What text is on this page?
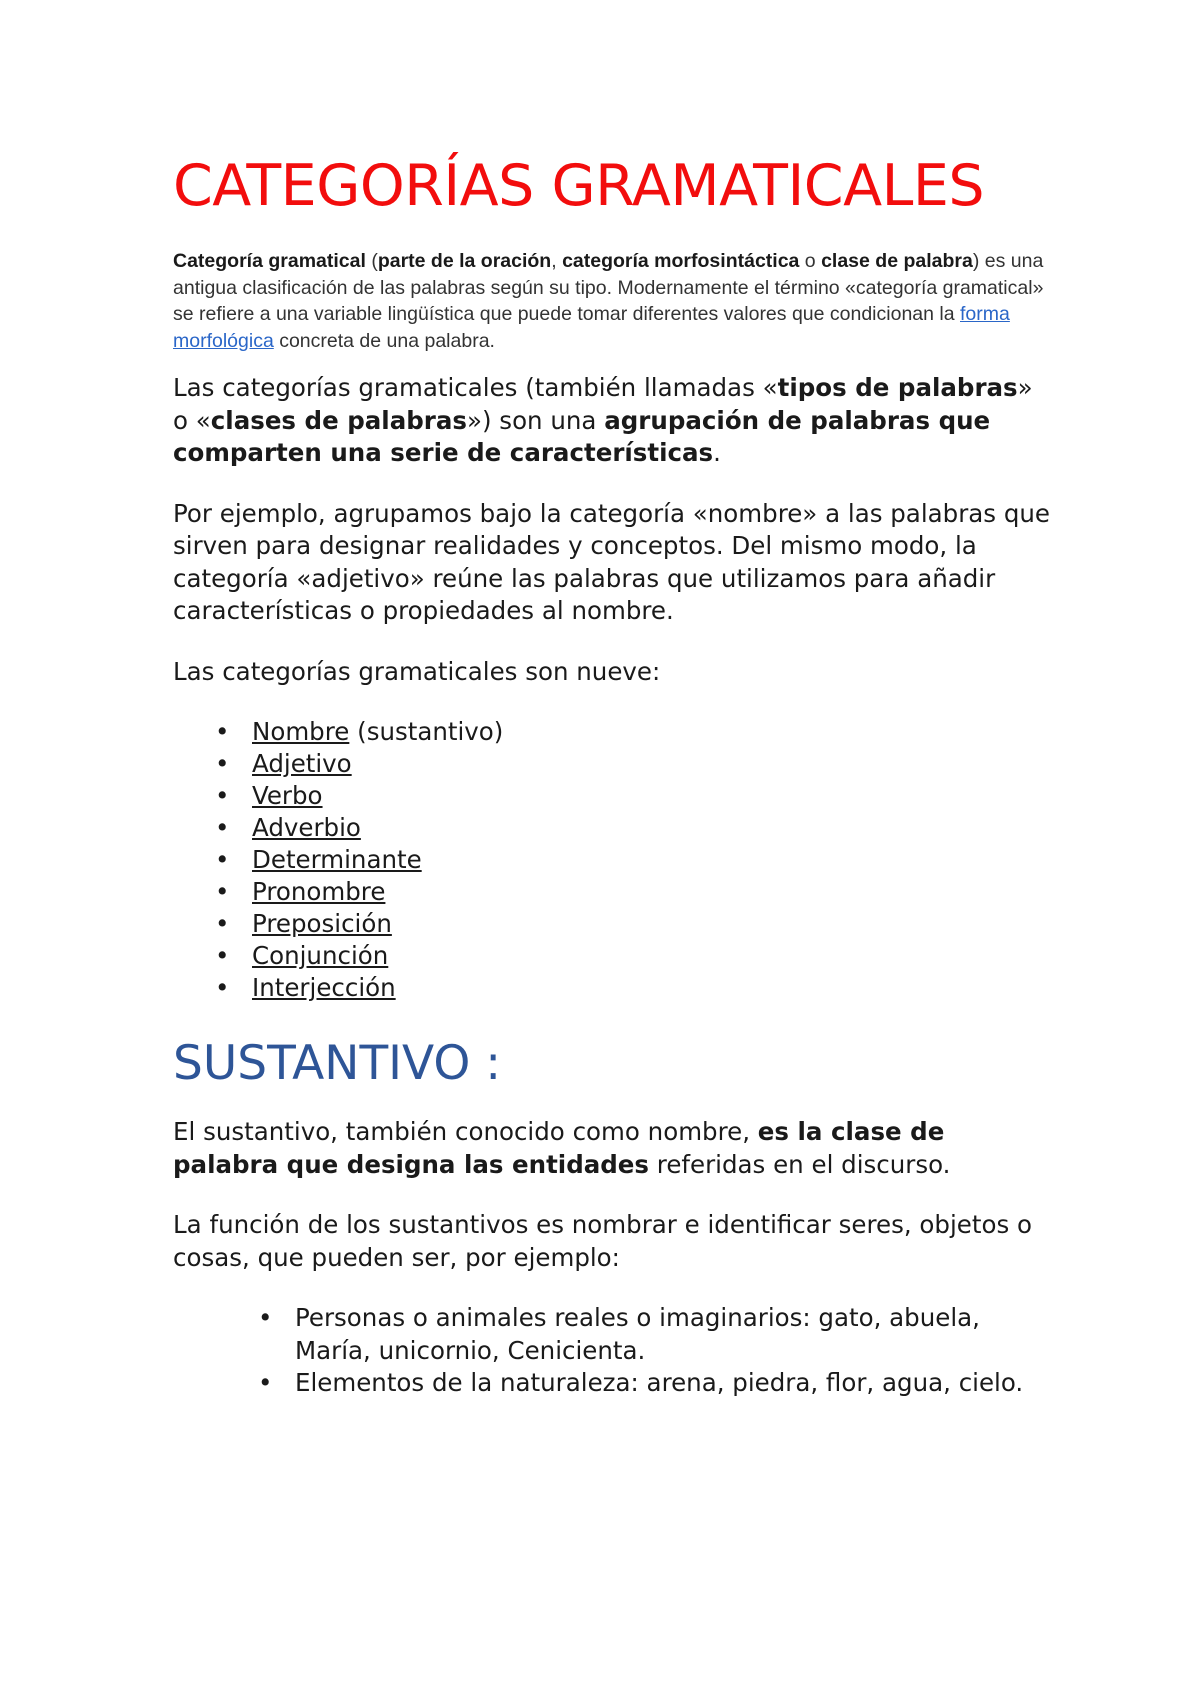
CATEGORÍAS GRAMATICALES

Categoría gramatical (parte de la oración, categoría morfosintáctica o clase de palabra) es una antigua clasificación de las palabras según su tipo. Modernamente el término «categoría gramatical» se refiere a una variable lingüística que puede tomar diferentes valores que condicionan la forma morfológica concreta de una palabra.

Las categorías gramaticales (también llamadas «tipos de palabras» o «clases de palabras») son una agrupación de palabras que comparten una serie de características.

Por ejemplo, agrupamos bajo la categoría «nombre» a las palabras que sirven para designar realidades y conceptos. Del mismo modo, la categoría «adjetivo» reúne las palabras que utilizamos para añadir características o propiedades al nombre.

Las categorías gramaticales son nueve:

• Nombre (sustantivo)
• Adjetivo
• Verbo
• Adverbio
• Determinante
• Pronombre
• Preposición
• Conjunción
• Interjección
SUSTANTIVO :

El sustantivo, también conocido como nombre, es la clase de palabra que designa las entidades referidas en el discurso.

La función de los sustantivos es nombrar e identificar seres, objetos o cosas, que pueden ser, por ejemplo:

• Personas o animales reales o imaginarios: gato, abuela, María, unicornio, Cenicienta.
• Elementos de la naturaleza: arena, piedra, flor, agua, cielo.
